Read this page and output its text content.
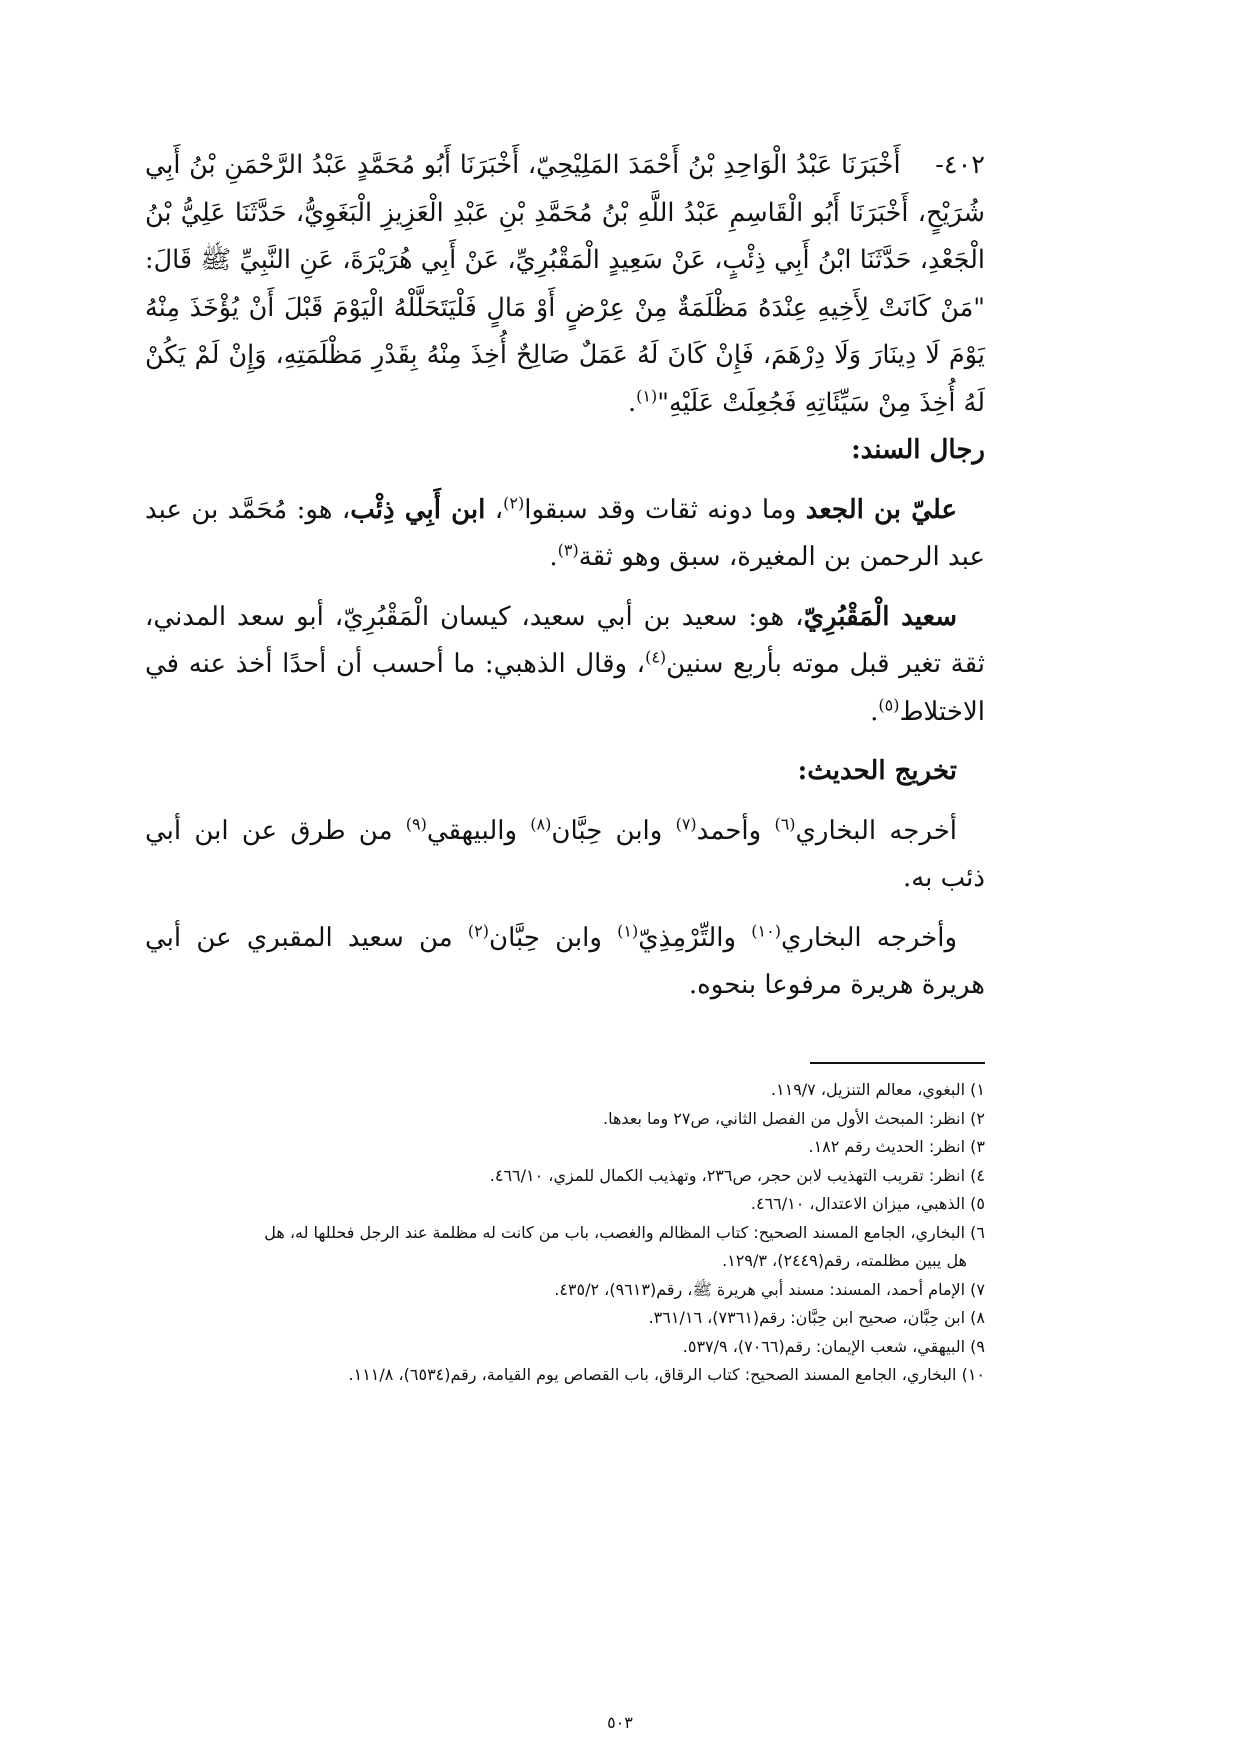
٤٠٢-    أَخْبَرَنَا عَبْدُ الْوَاحِدِ بْنُ أَحْمَدَ المَلِيْحِيّ، أَخْبَرَنَا أَبُو مُحَمَّدٍ عَبْدُ الرَّحْمَنِ بْنُ أَبِي شُرَيْحٍ، أَخْبَرَنَا أَبُو الْقَاسِمِ عَبْدُ اللَّهِ بْنُ مُحَمَّدِ بْنِ عَبْدِ الْعَزِيزِ الْبَغَوِيُّ، حَدَّثَنَا عَلِيُّ بْنُ الْجَعْدِ، حَدَّثَنَا ابْنُ أَبِي ذِئْبٍ، عَنْ سَعِيدٍ الْمَقْبُرِيِّ، عَنْ أَبِي هُرَيْرَةَ، عَنِ النَّبِيِّ ﷺ قَالَ: "مَنْ كَانَتْ لِأَخِيهِ عِنْدَهُ مَظْلَمَةٌ مِنْ عِرْضٍ أَوْ مَالٍ فَلْيَتَحَلَّلْهُ الْيَوْمَ قَبْلَ أَنْ يُؤْخَذَ مِنْهُ يَوْمَ لَا دِينَارَ وَلَا دِرْهَمَ، فَإِنْ كَانَ لَهُ عَمَلٌ صَالِحٌ أُخِذَ مِنْهُ بِقَدْرِ مَظْلَمَتِهِ، وَإِنْ لَمْ يَكُنْ لَهُ أُخِذَ مِنْ سَيِّئَاتِهِ فَجُعِلَتْ عَلَيْهِ"$^{(١)}$.

رجال السند:

عليّ بن الجعد وما دونه ثقات وقد سبقوا$^{(٢)}$، ابن أَبِي ذِئْب، هو: مُحَمَّد بن عبد عبد الرحمن بن المغيرة، سبق وهو ثقة$^{(٣)}$.

سعيد الْمَقْبُرِيّ، هو: سعيد بن أبي سعيد، كيسان الْمَقْبُرِيّ، أبو سعد المدني، ثقة تغير قبل موته بأربع سنين$^{(٤)}$، وقال الذهبي: ما أحسب أن أحدًا أخذ عنه في الاختلاط$^{(٥)}$.

تخريج الحديث:

أخرجه البخاري$^{(٦)}$ وأحمد$^{(٧)}$ وابن حِبَّان$^{(٨)}$ والبيهقي$^{(٩)}$ من طرق عن ابن أبي ذئب به.

وأخرجه البخاري$^{(١٠)}$ والتِّرْمِذِيّ$^{(١)}$ وابن حِبَّان$^{(٢)}$ من سعيد المقبري عن أبي هريرة هريرة مرفوعا بنحوه.

١) البغوي، معالم التنزيل، ١١٩/٧.

٢) انظر: المبحث الأول من الفصل الثاني، ص٢٧ وما بعدها.

٣) انظر: الحديث رقم ١٨٢.

٤) انظر: تقريب التهذيب لابن حجر، ص٢٣٦، وتهذيب الكمال للمزي، ٤٦٦/١٠.

٥) الذهبي، ميزان الاعتدال، ٤٦٦/١٠.

٦) البخاري، الجامع المسند الصحيح: كتاب المظالم والغصب، باب من كانت له مظلمة عند الرجل فحللها له، هل
هل يبين مظلمته، رقم(٢٤٤٩)، ١٢٩/٣.

٧) الإمام أحمد، المسند: مسند أبي هريرة ﷺ، رقم(٩٦١٣)، ٤٣٥/٢.

٨) ابن حِبَّان، صحيح ابن حِبَّان: رقم(٧٣٦١)، ٣٦١/١٦.

٩) البيهقي، شعب الإيمان: رقم(٧٠٦٦)، ٥٣٧/٩.

١٠) البخاري، الجامع المسند الصحيح: كتاب الرقاق، باب القصاص يوم القيامة، رقم(٦٥٣٤)، ١١١/٨.

٥٠٣
